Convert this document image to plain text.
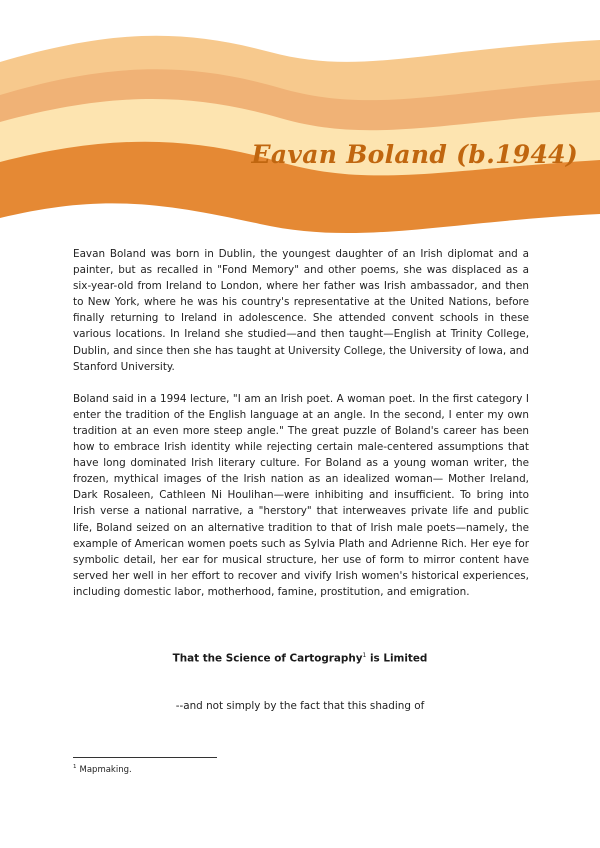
Eavan Boland (b.1944)

Eavan Boland was born in Dublin, the youngest daughter of an Irish diplomat and a painter, but as recalled in "Fond Memory" and other poems, she was displaced as a six-year-old from Ireland to London, where her father was Irish ambassador, and then to New York, where he was his country's representative at the United Nations, before finally returning to Ireland in adolescence. She attended convent schools in these various locations. In Ireland she studied—and then taught—English at Trinity College, Dublin, and since then she has taught at University College, the University of Iowa, and Stanford University.

Boland said in a 1994 lecture, "I am an Irish poet. A woman poet. In the first category I enter the tradition of the English language at an angle. In the second, I enter my own tradition at an even more steep angle." The great puzzle of Boland's career has been how to embrace Irish identity while rejecting certain male-centered assumptions that have long dominated Irish literary culture. For Boland as a young woman writer, the frozen, mythical images of the Irish nation as an idealized woman— Mother Ireland, Dark Rosaleen, Cathleen Ni Houlihan—were inhibiting and insufficient. To bring into Irish verse a national narrative, a "herstory" that interweaves private life and public life, Boland seized on an alternative tradition to that of Irish male poets—namely, the example of American women poets such as Sylvia Plath and Adrienne Rich. Her eye for symbolic detail, her ear for musical structure, her use of form to mirror content have served her well in her effort to recover and vivify Irish women's historical experiences, including domestic labor, motherhood, famine, prostitution, and emigration.

That the Science of Cartography$^1$ is Limited
--and not simply by the fact that this shading of
$^1$ Mapmaking.
